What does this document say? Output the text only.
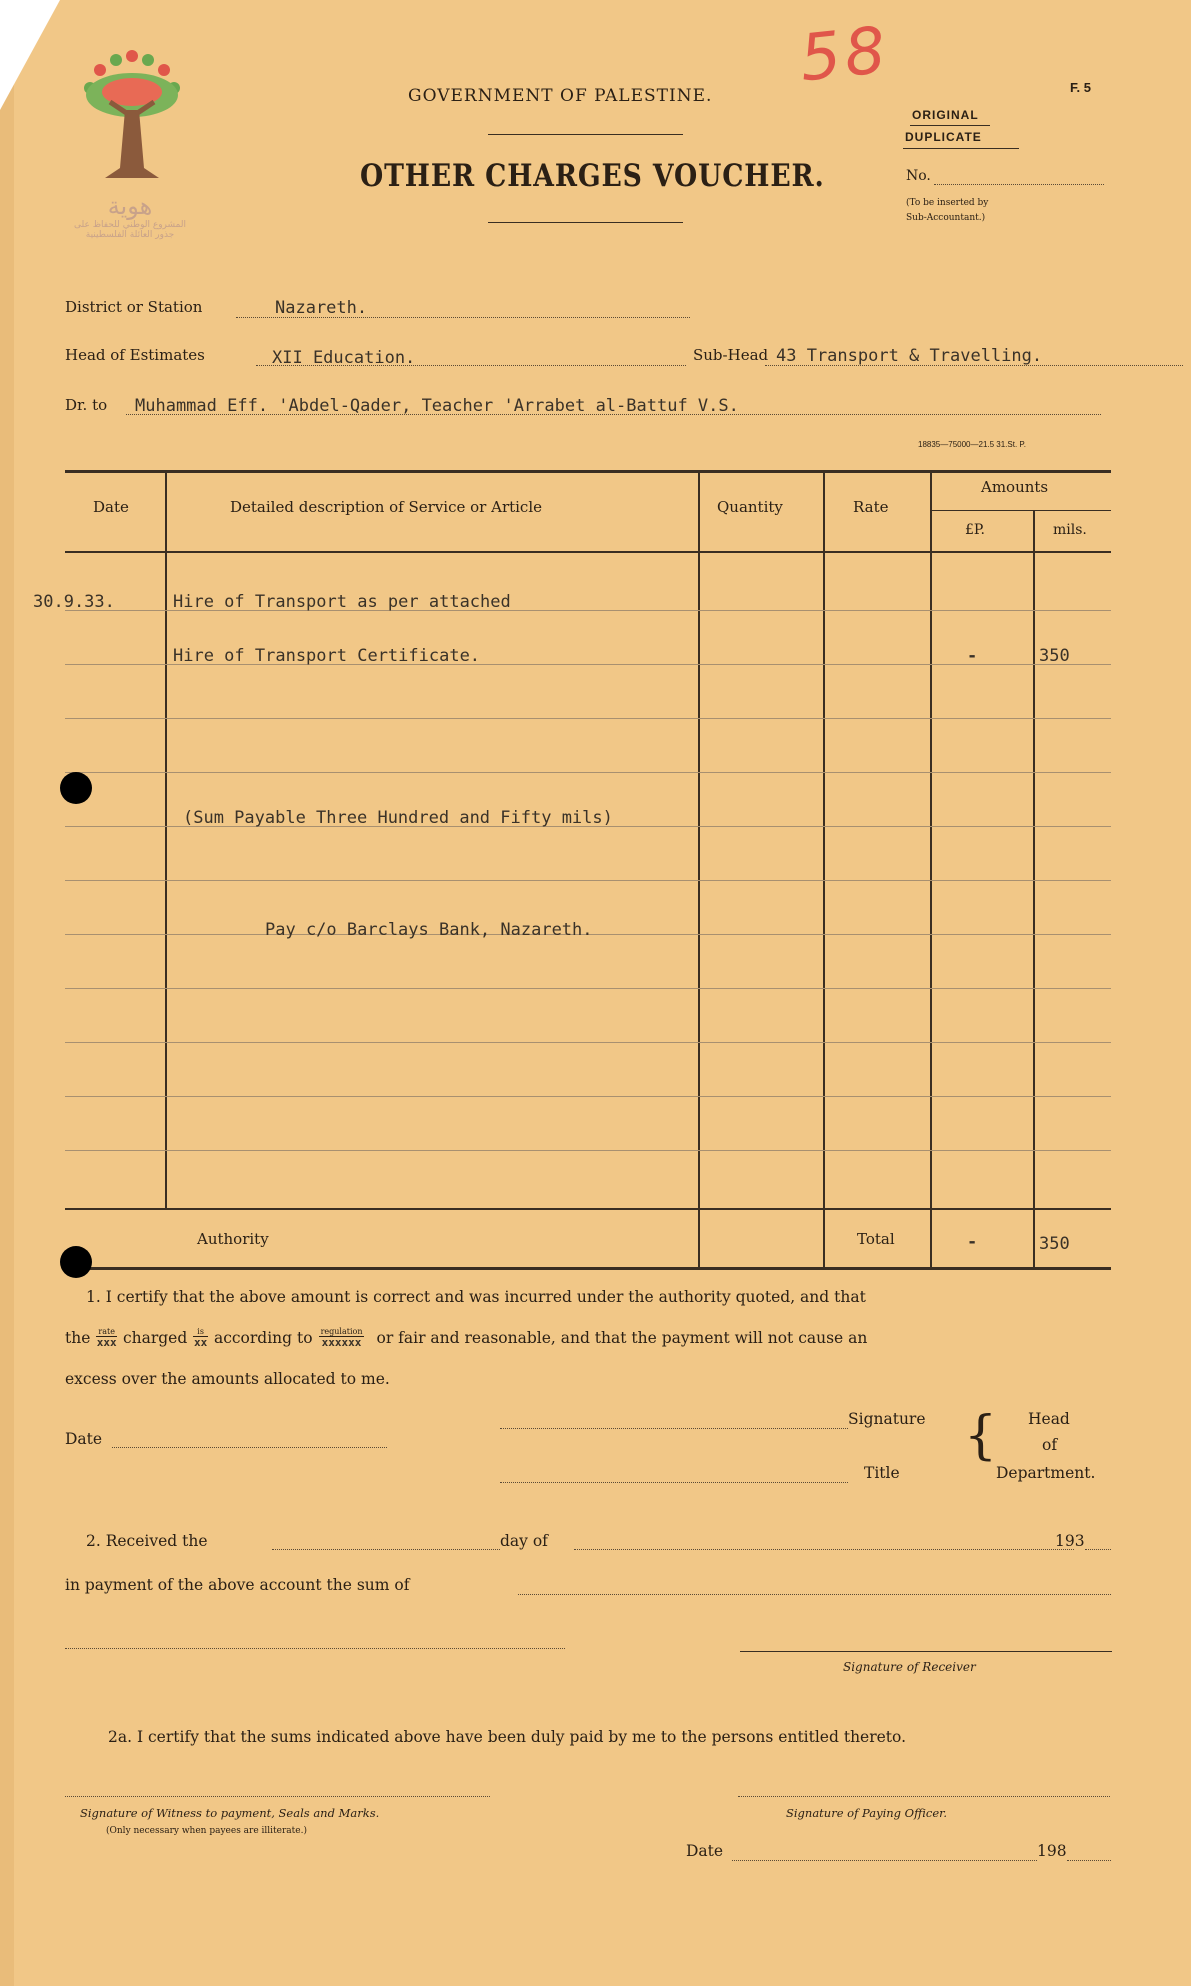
هوية
المشروع الوطني للحفاظ على
جذور العائلة الفلسطينية
58	F. 5
GOVERNMENT OF PALESTINE.
OTHER CHARGES VOUCHER.
ORIGINAL
DUPLICATE
No.
(To be inserted by
Sub-Accountant.)
District or Station	Nazareth.
Head of Estimates	XII Education.	Sub-Head 43 Transport & Travelling.
Dr. to Muhammad Eff. 'Abdel-Qader, Teacher 'Arrabet al-Battuf V.S.
18835—75000—21.5 31.St. P.
Date	Detailed description of Service or Article	Quantity	Rate
Amounts
£P.	mils.
30.9.33.	Hire of Transport as per attached
Hire of Transport Certificate.	-	350
(Sum Payable Three Hundred and Fifty mils)
Pay c/o Barclays Bank, Nazareth.
Authority	Total	-	350
1. I certify that the above amount is correct and was incurred under the authority quoted, and that
the rate
xxx charged	is
xx according to regulation
xxxxxx or fair and reasonable, and that the payment will not cause an
excess over the amounts allocated to me.
Date
Signature
Title
{ Head
of
Department.
2. Received the	day of	193
in payment of the above account the sum of
Signature of Receiver
2a. I certify that the sums indicated above have been duly paid by me to the persons entitled thereto.
Signature of Witness to payment, Seals and Marks.
(Only necessary when payees are illiterate.)
Signature of Paying Officer.
Date	198
